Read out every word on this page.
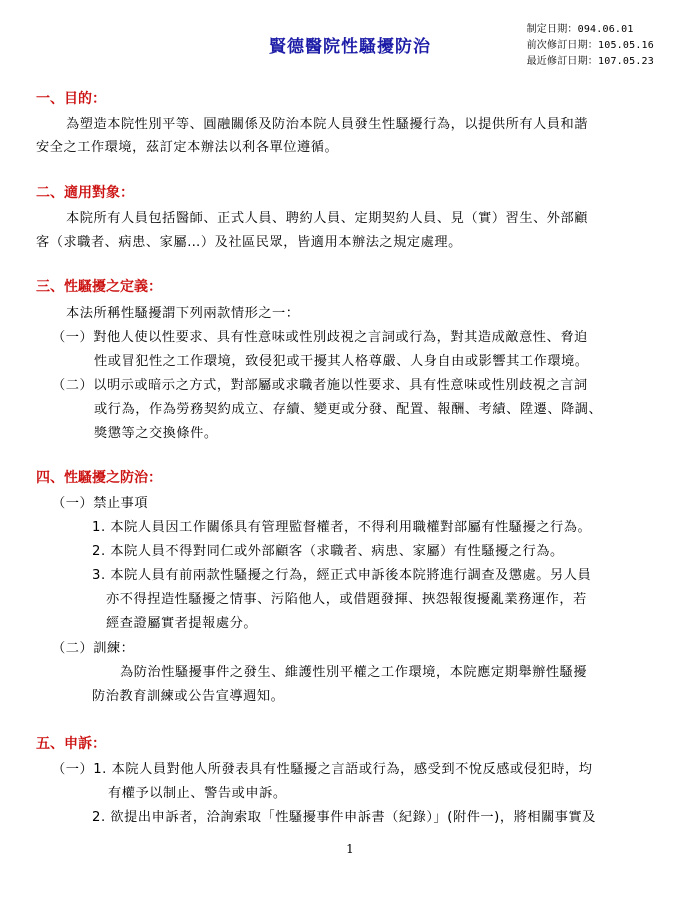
賢德醫院性騷擾防治
制定日期：094.06.01
前次修訂日期：105.05.16
最近修訂日期：107.05.23
一、目的：
為塑造本院性別平等、圓融關係及防治本院人員發生性騷擾行為，以提供所有人員和諧
安全之工作環境，茲訂定本辦法以利各單位遵循。
二、適用對象：
本院所有人員包括醫師、正式人員、聘約人員、定期契約人員、見（實）習生、外部顧
客（求職者、病患、家屬…）及社區民眾，皆適用本辦法之規定處理。
三、性騷擾之定義：
本法所稱性騷擾謂下列兩款情形之一：
（一）對他人使以性要求、具有性意味或性別歧視之言詞或行為，對其造成敵意性、脅迫
性或冒犯性之工作環境，致侵犯或干擾其人格尊嚴、人身自由或影響其工作環境。
（二）以明示或暗示之方式，對部屬或求職者施以性要求、具有性意味或性別歧視之言詞
或行為，作為勞務契約成立、存續、變更或分發、配置、報酬、考績、陞遷、降調、
獎懲等之交換條件。
四、性騷擾之防治：
（一）禁止事項
1. 本院人員因工作關係具有管理監督權者，不得利用職權對部屬有性騷擾之行為。
2. 本院人員不得對同仁或外部顧客（求職者、病患、家屬）有性騷擾之行為。
3. 本院人員有前兩款性騷擾之行為，經正式申訴後本院將進行調查及懲處。另人員
亦不得捏造性騷擾之情事、污陷他人，或借題發揮、挾怨報復擾亂業務運作，若
經查證屬實者提報處分。
（二）訓練：
為防治性騷擾事件之發生、維護性別平權之工作環境，本院應定期舉辦性騷擾
防治教育訓練或公告宣導週知。
五、申訴：
（一）1. 本院人員對他人所發表具有性騷擾之言語或行為，感受到不悅反感或侵犯時，均
有權予以制止、警告或申訴。
2. 欲提出申訴者，洽詢索取「性騷擾事件申訴書（紀錄）」(附件一)，將相關事實及
1
